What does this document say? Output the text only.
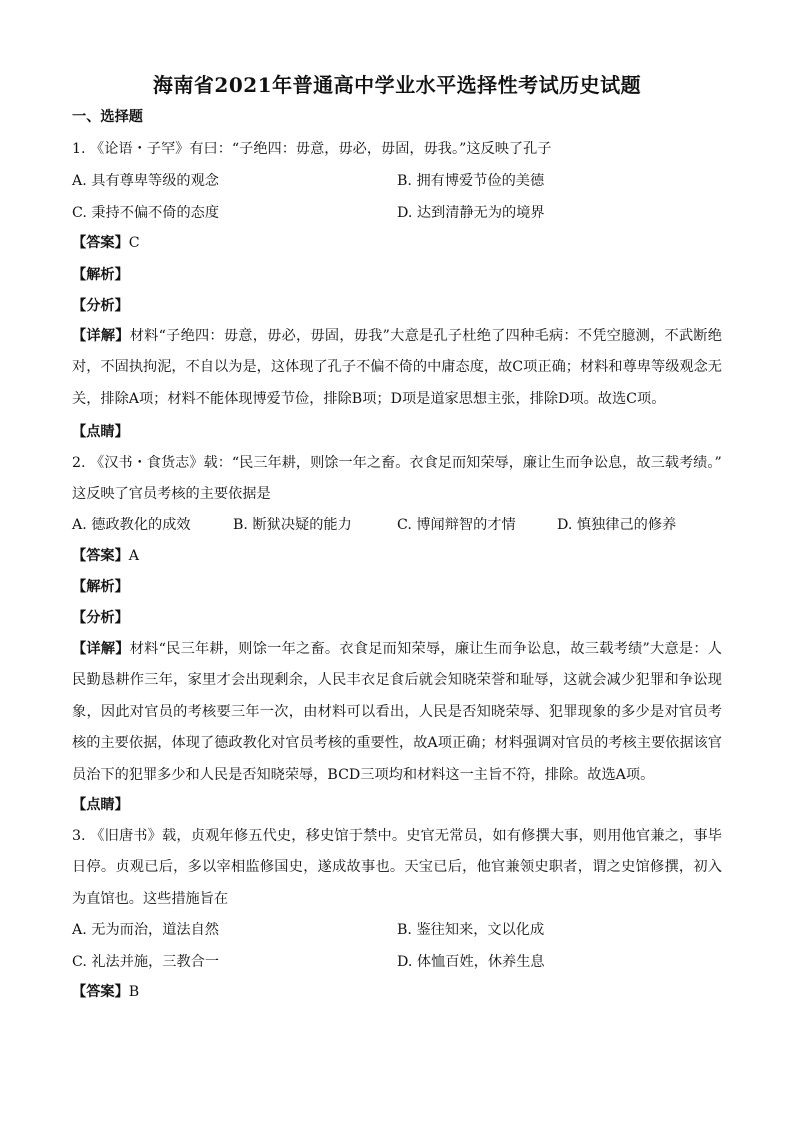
海南省2021年普通高中学业水平选择性考试历史试题
一、选择题
1. 《论语・子罕》有曰：“子绝四：毋意，毋必，毋固，毋我。”这反映了孔子
A. 具有尊卑等级的观念	B. 拥有博爱节俭的美德
C. 秉持不偏不倚的态度	D. 达到清静无为的境界
【答案】C
【解析】
【分析】
【详解】材料“子绝四：毋意，毋必，毋固，毋我”大意是孔子杜绝了四种毛病：不凭空臆测，不武断绝对，不固执拘泥，不自以为是，这体现了孔子不偏不倚的中庸态度，故C项正确；材料和尊卑等级观念无关，排除A项；材料不能体现博爱节俭，排除B项；D项是道家思想主张，排除D项。故选C项。
【点睛】
2. 《汉书・食货志》载：“民三年耕，则馀一年之畜。衣食足而知荣辱，廉让生而争讼息，故三载考绩。”
这反映了官员考核的主要依据是
A. 德政教化的成效	B. 断狱决疑的能力	C. 博闻辩智的才情	D. 慎独律己的修养
【答案】A
【解析】
【分析】
【详解】材料“民三年耕，则馀一年之畜。衣食足而知荣辱，廉让生而争讼息，故三载考绩”大意是：人民勤恳耕作三年，家里才会出现剩余，人民丰衣足食后就会知晓荣誉和耻辱，这就会减少犯罪和争讼现象，因此对官员的考核要三年一次，由材料可以看出，人民是否知晓荣辱、犯罪现象的多少是对官员考核的主要依据，体现了德政教化对官员考核的重要性，故A项正确；材料强调对官员的考核主要依据该官员治下的犯罪多少和人民是否知晓荣辱，BCD三项均和材料这一主旨不符，排除。故选A项。
【点睛】
3. 《旧唐书》载，贞观年修五代史，移史馆于禁中。史官无常员，如有修撰大事，则用他官兼之，事毕日停。贞观已后，多以宰相监修国史，遂成故事也。天宝已后，他官兼领史职者，谓之史馆修撰，初入为直馆也。这些措施旨在
A. 无为而治，道法自然	B. 鉴往知来，文以化成
C. 礼法并施，三教合一	D. 体恤百姓，休养生息
【答案】B
